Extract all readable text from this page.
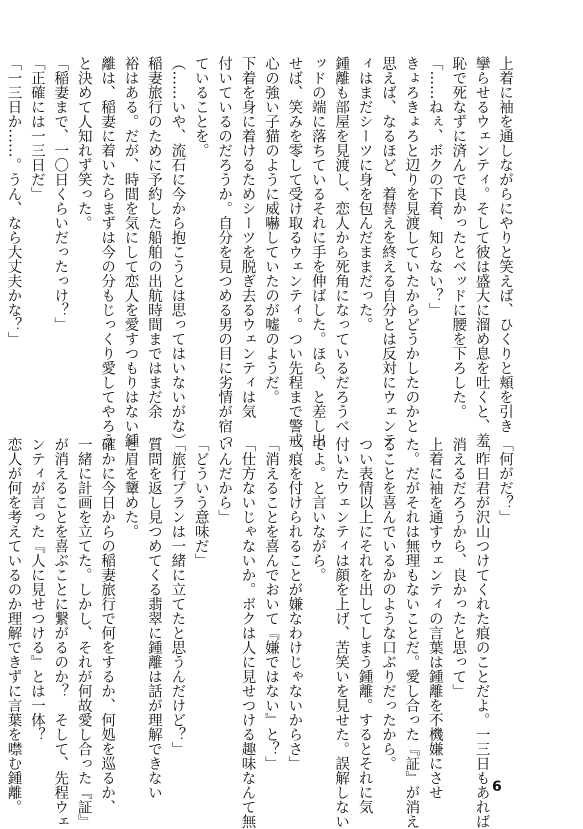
上着に袖を通しながらにやりと笑えば、ひくりと頬を引き
攣らせるウェンティ。そして彼は盛大に溜め息を吐くと、羞
恥で死なずに済んで良かったとベッドに腰を下ろした。
「……ねぇ、ボクの下着、知らない？」
きょろきょろと辺りを見渡していたからどうかしたのかと
思えば、なるほど、着替えを終える自分とは反対にウェンテ
ィはまだシーツに身を包んだままだった。
鍾離も部屋を見渡し、恋人から死角になっているだろうベ
ッドの端に落ちているそれに手を伸ばした。ほら、と差し出
せば、笑みを零して受け取るウェンティ。つい先程まで警戒
心の強い子猫のように威嚇していたのが嘘のようだ。
下着を身に着けるためシーツを脱ぎ去るウェンティは気
付いているのだろうか。自分を見つめる男の目に劣情が宿っ
ていることを。
（……いや、流石に今から抱こうとは思ってはいないがな）
稲妻旅行のために予約した船舶の出航時間まではまだ余
裕はある。だが、時間を気にして恋人を愛すつもりはない鍾
離は、稲妻に着いたらまずは今の分もじっくり愛してやろう
と決めて人知れず笑った。
「稲妻まで、一〇日くらいだったっけ？」
「正確には一三日だ」
「一三日か……。うん、なら大丈夫かな？」
「何がだ？」
「昨日君が沢山つけてくれた痕のことだよ。一三日もあれば
消えるだろうから、良かったと思って」
上着に袖を通すウェンティの言葉は鍾離を不機嫌にさせ
た。だがそれは無理もないことだ。愛し合った『証』が消え
ることを喜んでいるかのような口ぶりだったから。
つい表情以上にそれを出してしまう鍾離。するとそれに気
付いたウェンティは顔を上げ、苦笑いを見せた。誤解しない
でよ。と言いながら。
「痕を付けられることが嫌なわけじゃないからさ」
「消えることを喜んでおいて『嫌ではない』と？」
「仕方ないじゃないか。ボクは人に見せつける趣味なんて無
いんだから」
「どういう意味だ」
「旅行プランは一緒に立てたと思うんだけど？」
質問を返し見つめてくる翡翠に鍾離は話が理解できない
と眉を顰めた。
確かに今日からの稲妻旅行で何をするか、何処を巡るか、
一緒に計画を立てた。しかし、それが何故愛し合った『証』
が消えることを喜ぶことに繋がるのか？　そして、先程ウェ
ンティが言った『人に見せつける』とは一体？
恋人が何を考えているのか理解できずに言葉を噤む鍾離。	6
